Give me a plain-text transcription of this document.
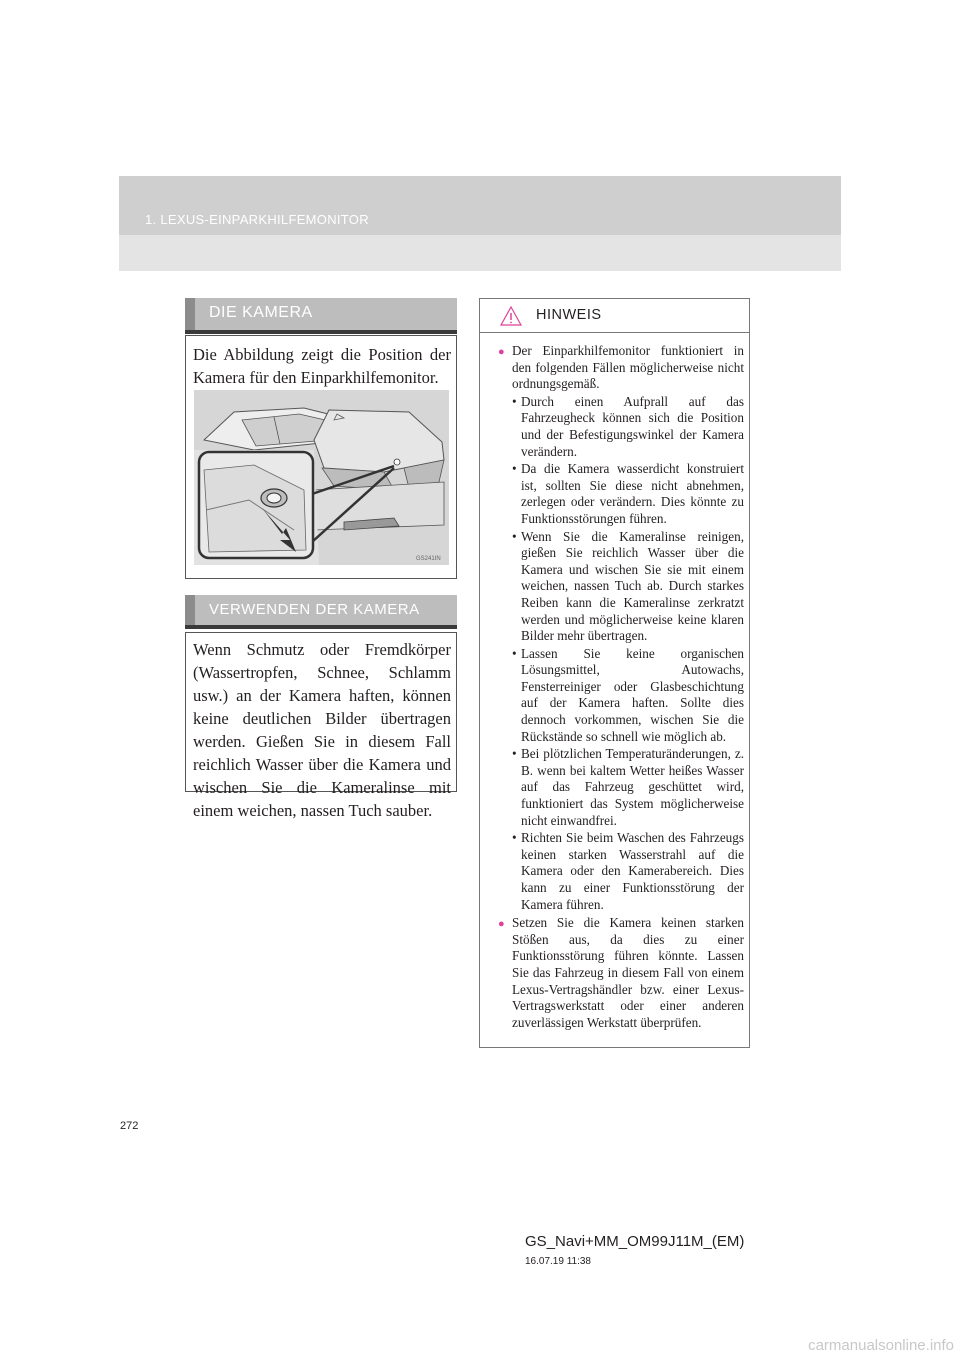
1. LEXUS-EINPARKHILFEMONITOR
DIE KAMERA
Die Abbildung zeigt die Position der Kamera für den Einparkhilfemonitor.
GS241IN
VERWENDEN DER KAMERA
Wenn Schmutz oder Fremdkörper (Wassertropfen, Schnee, Schlamm usw.) an der Kamera haften, können keine deutlichen Bilder übertragen werden. Gießen Sie in diesem Fall reichlich Wasser über die Kamera und wischen Sie die Kameralinse mit einem weichen, nassen Tuch sauber.
HINWEIS
● Der Einparkhilfemonitor funktioniert in den folgenden Fällen möglicherweise nicht ordnungsgemäß.
• Durch einen Aufprall auf das Fahrzeugheck können sich die Position und der Befestigungswinkel der Kamera verändern.
• Da die Kamera wasserdicht konstruiert ist, sollten Sie diese nicht abnehmen, zerlegen oder verändern. Dies könnte zu Funktionsstörungen führen.
• Wenn Sie die Kameralinse reinigen, gießen Sie reichlich Wasser über die Kamera und wischen Sie sie mit einem weichen, nassen Tuch ab. Durch starkes Reiben kann die Kameralinse zerkratzt werden und möglicherweise keine klaren Bilder mehr übertragen.
• Lassen Sie keine organischen Lösungsmittel, Autowachs, Fensterreiniger oder Glasbeschichtung auf der Kamera haften. Sollte dies dennoch vorkommen, wischen Sie die Rückstände so schnell wie möglich ab.
• Bei plötzlichen Temperaturänderungen, z. B. wenn bei kaltem Wetter heißes Wasser auf das Fahrzeug geschüttet wird, funktioniert das System möglicherweise nicht einwandfrei.
• Richten Sie beim Waschen des Fahrzeugs keinen starken Wasserstrahl auf die Kamera oder den Kamerabereich. Dies kann zu einer Funktionsstörung der Kamera führen.
● Setzen Sie die Kamera keinen starken Stößen aus, da dies zu einer Funktionsstörung führen könnte. Lassen Sie das Fahrzeug in diesem Fall von einem Lexus-Vertragshändler bzw. einer Lexus-Vertragswerkstatt oder einer anderen zuverlässigen Werkstatt überprüfen.
272
GS_Navi+MM_OM99J11M_(EM)
16.07.19 11:38
carmanualsonline.info
